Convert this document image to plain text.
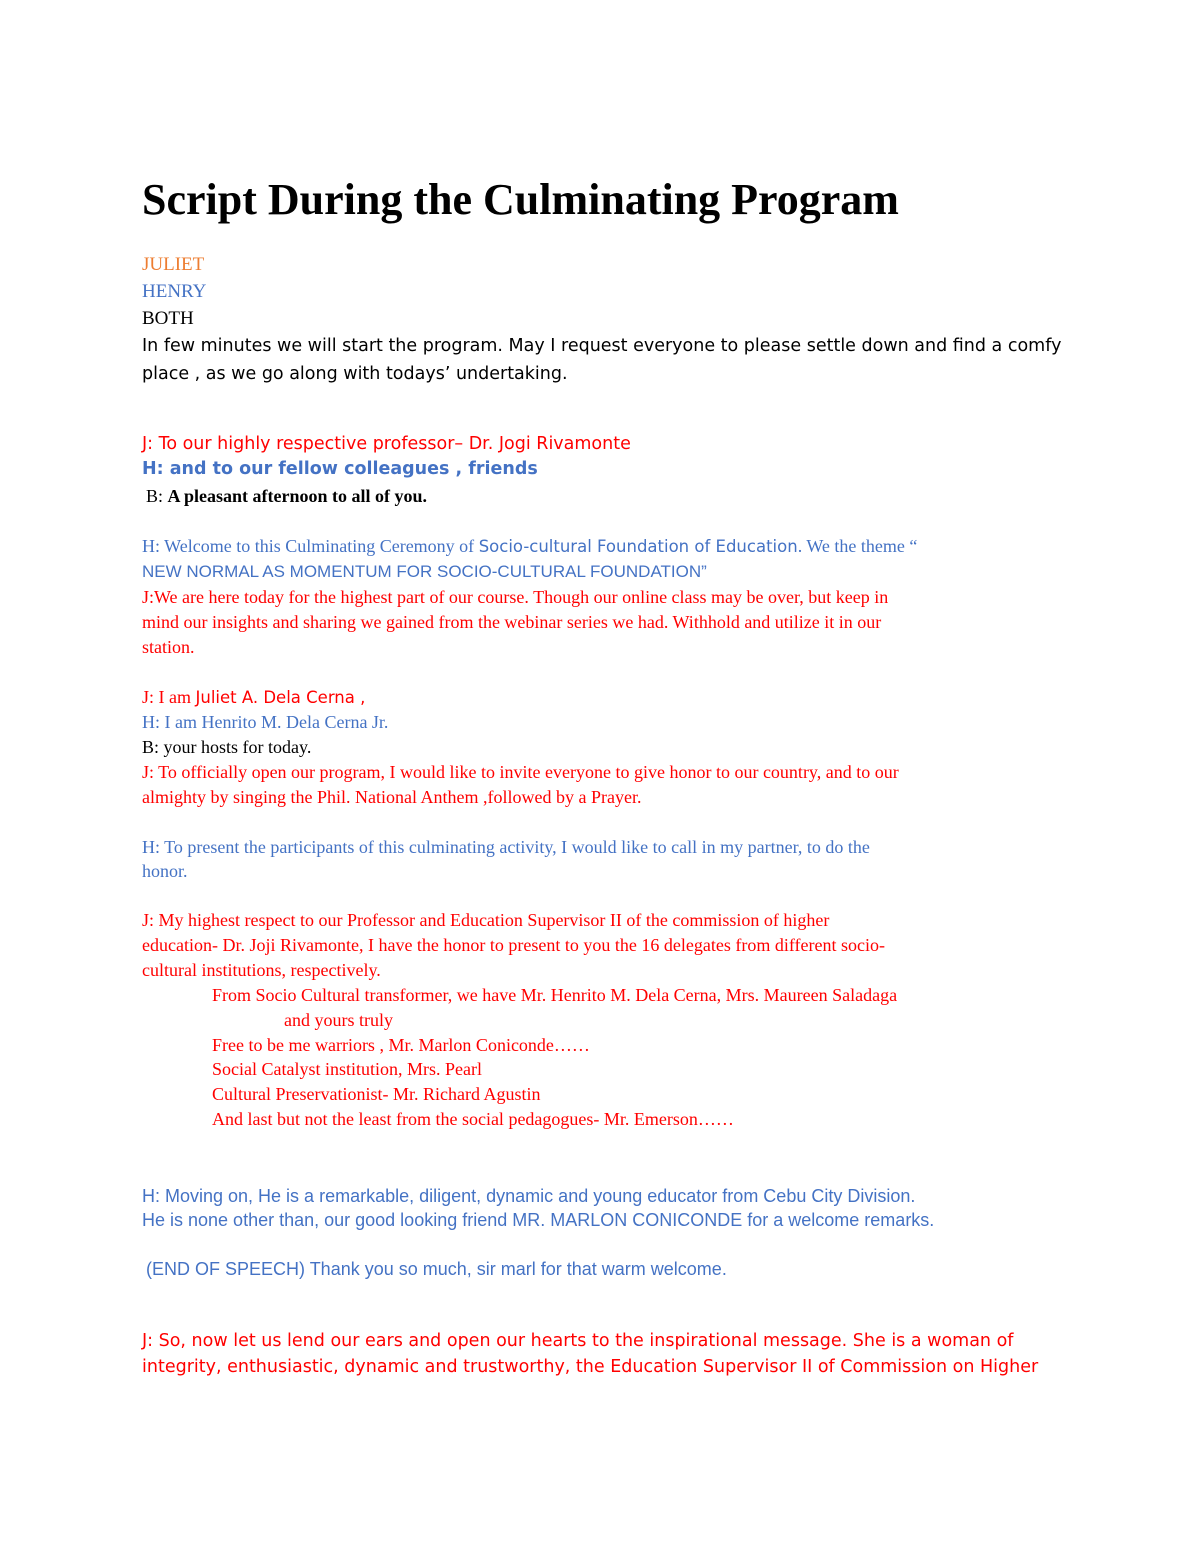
Script During the Culminating Program
JULIET
HENRY
BOTH
In few minutes we will start the program. May I request everyone to please settle down and find a comfy
place , as we go along with todays’ undertaking.
J: To our highly respective professor– Dr. Jogi Rivamonte
H: and to our fellow colleagues , friends
B: A pleasant afternoon to all of you.
H: Welcome to this Culminating Ceremony of Socio-cultural Foundation of Education. We the theme “
NEW NORMAL AS MOMENTUM FOR SOCIO-CULTURAL FOUNDATION”
J:We are here today for the highest part of our course. Though our online class may be over, but keep in
mind our insights and sharing we gained from the webinar series we had. Withhold and utilize it in our
station.
J: I am Juliet A. Dela Cerna ,
H: I am Henrito M. Dela Cerna Jr.
B: your hosts for today.
J: To officially open our program, I would like to invite everyone to give honor to our country, and to our
almighty by singing the Phil. National Anthem ,followed by a Prayer.
H: To present the participants of this culminating activity, I would like to call in my partner, to do the
honor.
J: My highest respect to our Professor and Education Supervisor II of the commission of higher
education- Dr. Joji Rivamonte, I have the honor to present to you the 16 delegates from different socio-
cultural institutions, respectively.
From Socio Cultural transformer, we have Mr. Henrito M. Dela Cerna, Mrs. Maureen Saladaga
and yours truly
Free to be me warriors , Mr. Marlon Coniconde……
Social Catalyst institution, Mrs. Pearl
Cultural Preservationist- Mr. Richard Agustin
And last but not the least from the social pedagogues- Mr. Emerson……
H: Moving on, He is a remarkable, diligent, dynamic and young educator from Cebu City Division.
He is none other than, our good looking friend MR. MARLON CONICONDE for a welcome remarks.
(END OF SPEECH) Thank you so much, sir marl for that warm welcome.
J: So, now let us lend our ears and open our hearts to the inspirational message. She is a woman of
integrity, enthusiastic, dynamic and trustworthy, the Education Supervisor II of Commission on Higher
